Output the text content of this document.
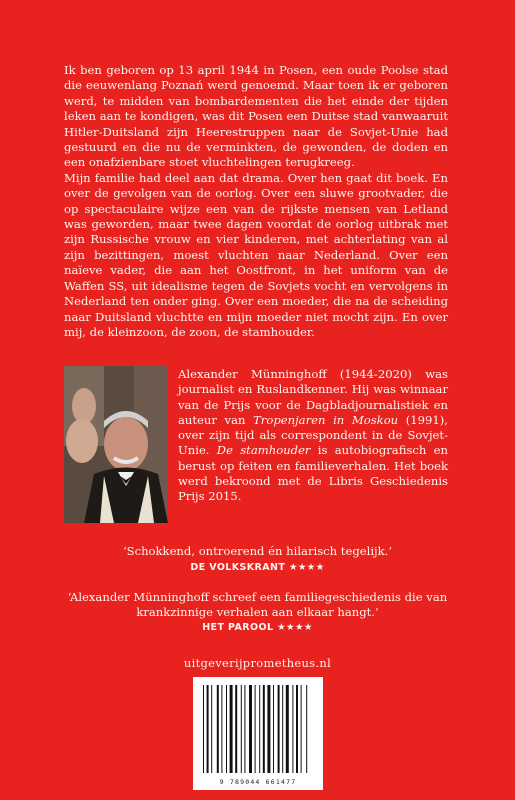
Ik ben geboren op 13 april 1944 in Posen, een oude Poolse stad die eeuwenlang Poznań werd genoemd. Maar toen ik er geboren werd, te midden van bombardementen die het einde der tijden leken aan te kondigen, was dit Posen een Duitse stad vanwaaruit Hitler-Duitsland zijn Heerestruppen naar de Sovjet-Unie had gestuurd en die nu de verminkten, de gewonden, de doden en een onafzienbare stoet vluchtelingen terugkreeg.

Mijn familie had deel aan dat drama. Over hen gaat dit boek. En over de gevolgen van de oorlog. Over een sluwe grootvader, die op spectaculaire wijze een van de rijkste mensen van Letland was geworden, maar twee dagen voordat de oorlog uitbrak met zijn Russische vrouw en vier kinderen, met achterlating van al zijn bezittingen, moest vluchten naar Nederland. Over een naïeve vader, die aan het Oostfront, in het uniform van de Waffen SS, uit idealisme tegen de Sovjets vocht en vervolgens in Nederland ten onder ging. Over een moeder, die na de scheiding naar Duitsland vluchtte en mijn moeder niet mocht zijn. En over mij, de kleinzoon, de zoon, de stamhouder.

Alexander Münninghoff (1944-2020) was journalist en Ruslandkenner. Hij was winnaar van de Prijs voor de Dagbladjournalistiek en auteur van Tropenjaren in Moskou (1991), over zijn tijd als correspondent in de Sovjet-Unie. De stamhouder is autobiografisch en berust op feiten en familieverhalen. Het boek werd bekroond met de Libris Geschiedenis Prijs 2015.

‘Schokkend, ontroerend én hilarisch tegelijk.’

DE VOLKSKRANT ★★★★

‘Alexander Münninghoff schreef een familiegeschiedenis die van krankzinnige verhalen aan elkaar hangt.’

HET PAROOL ★★★★
uitgeverijprometheus.nl
9 789044 661477
